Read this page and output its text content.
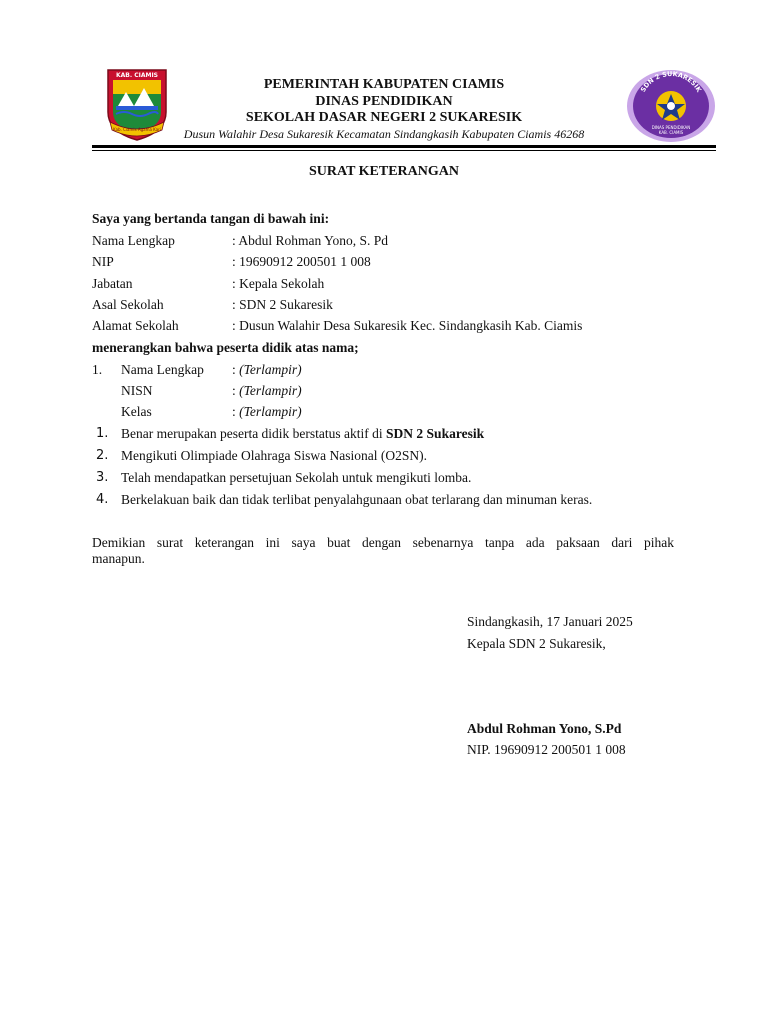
KAB. CIAMIS
Kab. Ciamis Agama Kari
PEMERINTAH KABUPATEN CIAMIS
DINAS PENDIDIKAN
SEKOLAH DASAR NEGERI 2 SUKARESIK
Dusun Walahir Desa Sukaresik Kecamatan Sindangkasih Kabupaten Ciamis 46268
SDN 2 SUKARESIK
DINAS PENDIDIKAN
KAB. CIAMIS
SURAT KETERANGAN
Saya yang bertanda tangan di bawah ini:
Nama Lengkap	: Abdul Rohman Yono, S. Pd
NIP	: 19690912 200501 1 008
Jabatan	: Kepala Sekolah
Asal Sekolah	: SDN 2 Sukaresik
Alamat Sekolah	: Dusun Walahir Desa Sukaresik Kec. Sindangkasih Kab. Ciamis
menerangkan bahwa peserta didik atas nama;
1. Nama Lengkap : (Terlampir)
NISN	: (Terlampir)
Kelas	: (Terlampir)
1. Benar merupakan peserta didik berstatus aktif di SDN 2 Sukaresik
2. Mengikuti Olimpiade Olahraga Siswa Nasional (O2SN).
3. Telah mendapatkan persetujuan Sekolah untuk mengikuti lomba.
4. Berkelakuan baik dan tidak terlibat penyalahgunaan obat terlarang dan minuman keras.
Demikian surat keterangan ini saya buat dengan sebenarnya tanpa ada paksaan dari pihak
manapun.
Sindangkasih, 17 Januari 2025
Kepala SDN 2 Sukaresik,
Abdul Rohman Yono, S.Pd
NIP. 19690912 200501 1 008
